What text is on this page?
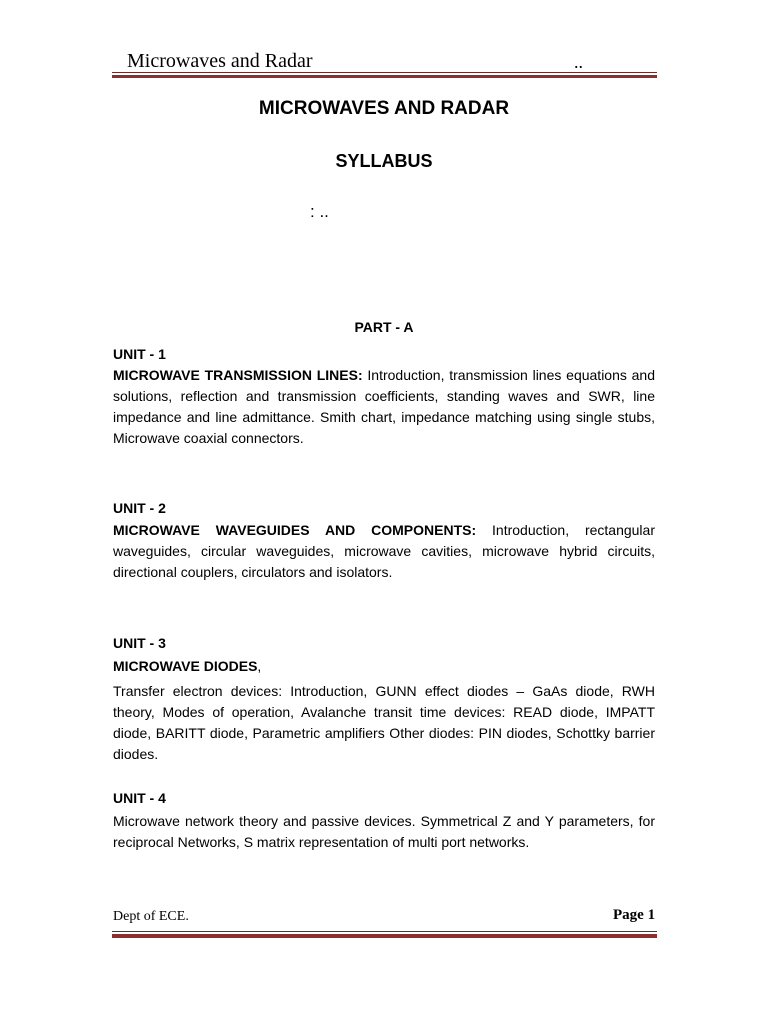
Microwaves and Radar	..
MICROWAVES AND RADAR
SYLLABUS
: ..
PART - A
UNIT - 1
MICROWAVE TRANSMISSION LINES: Introduction, transmission lines equations and solutions, reflection and transmission coefficients, standing waves and SWR, line impedance and line admittance. Smith chart, impedance matching using single stubs, Microwave coaxial connectors.
UNIT - 2
MICROWAVE WAVEGUIDES AND COMPONENTS: Introduction, rectangular waveguides, circular waveguides, microwave cavities, microwave hybrid circuits, directional couplers, circulators and isolators.
UNIT - 3
MICROWAVE DIODES,
Transfer electron devices: Introduction, GUNN effect diodes – GaAs diode, RWH theory, Modes of operation, Avalanche transit time devices: READ diode, IMPATT diode, BARITT diode, Parametric amplifiers Other diodes: PIN diodes, Schottky barrier diodes.
UNIT - 4
Microwave network theory and passive devices. Symmetrical Z and Y parameters, for reciprocal Networks, S matrix representation of multi port networks.
Dept of ECE.	Page 1
